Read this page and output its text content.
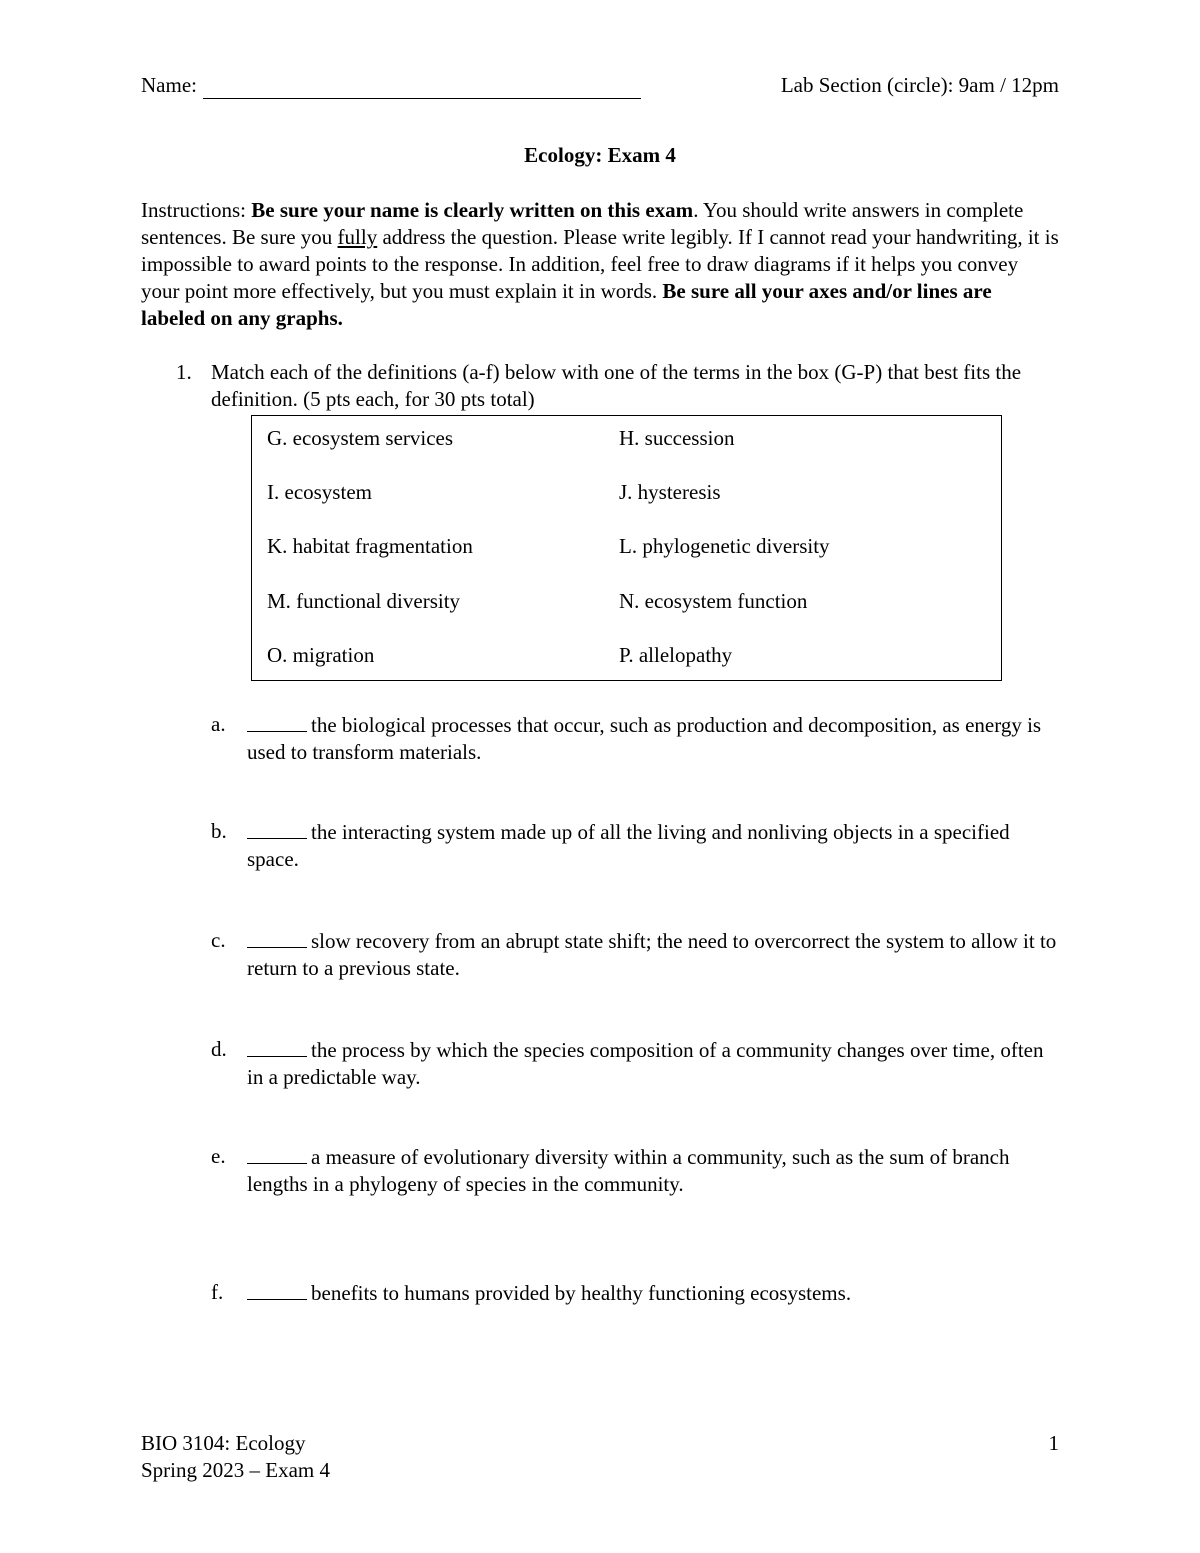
Name:	Lab Section (circle): 9am / 12pm
Ecology: Exam 4
Instructions: Be sure your name is clearly written on this exam. You should write answers in complete sentences. Be sure you fully address the question. Please write legibly. If I cannot read your handwriting, it is impossible to award points to the response. In addition, feel free to draw diagrams if it helps you convey your point more effectively, but you must explain it in words. Be sure all your axes and/or lines are labeled on any graphs.
1. Match each of the definitions (a-f) below with one of the terms in the box (G-P) that best fits the definition. (5 pts each, for 30 pts total)
G. ecosystem services	H. succession
I. ecosystem	J. hysteresis
K. habitat fragmentation	L. phylogenetic diversity
M. functional diversity	N. ecosystem function
O. migration	P. allelopathy
a.	the biological processes that occur, such as production and decomposition, as energy is used to transform materials.
b.	the interacting system made up of all the living and nonliving objects in a specified space.
c.	slow recovery from an abrupt state shift; the need to overcorrect the system to allow it to return to a previous state.
d.	the process by which the species composition of a community changes over time, often in a predictable way.
e.	a measure of evolutionary diversity within a community, such as the sum of branch lengths in a phylogeny of species in the community.
f.	benefits to humans provided by healthy functioning ecosystems.
BIO 3104: Ecology
Spring 2023 – Exam 4
1
